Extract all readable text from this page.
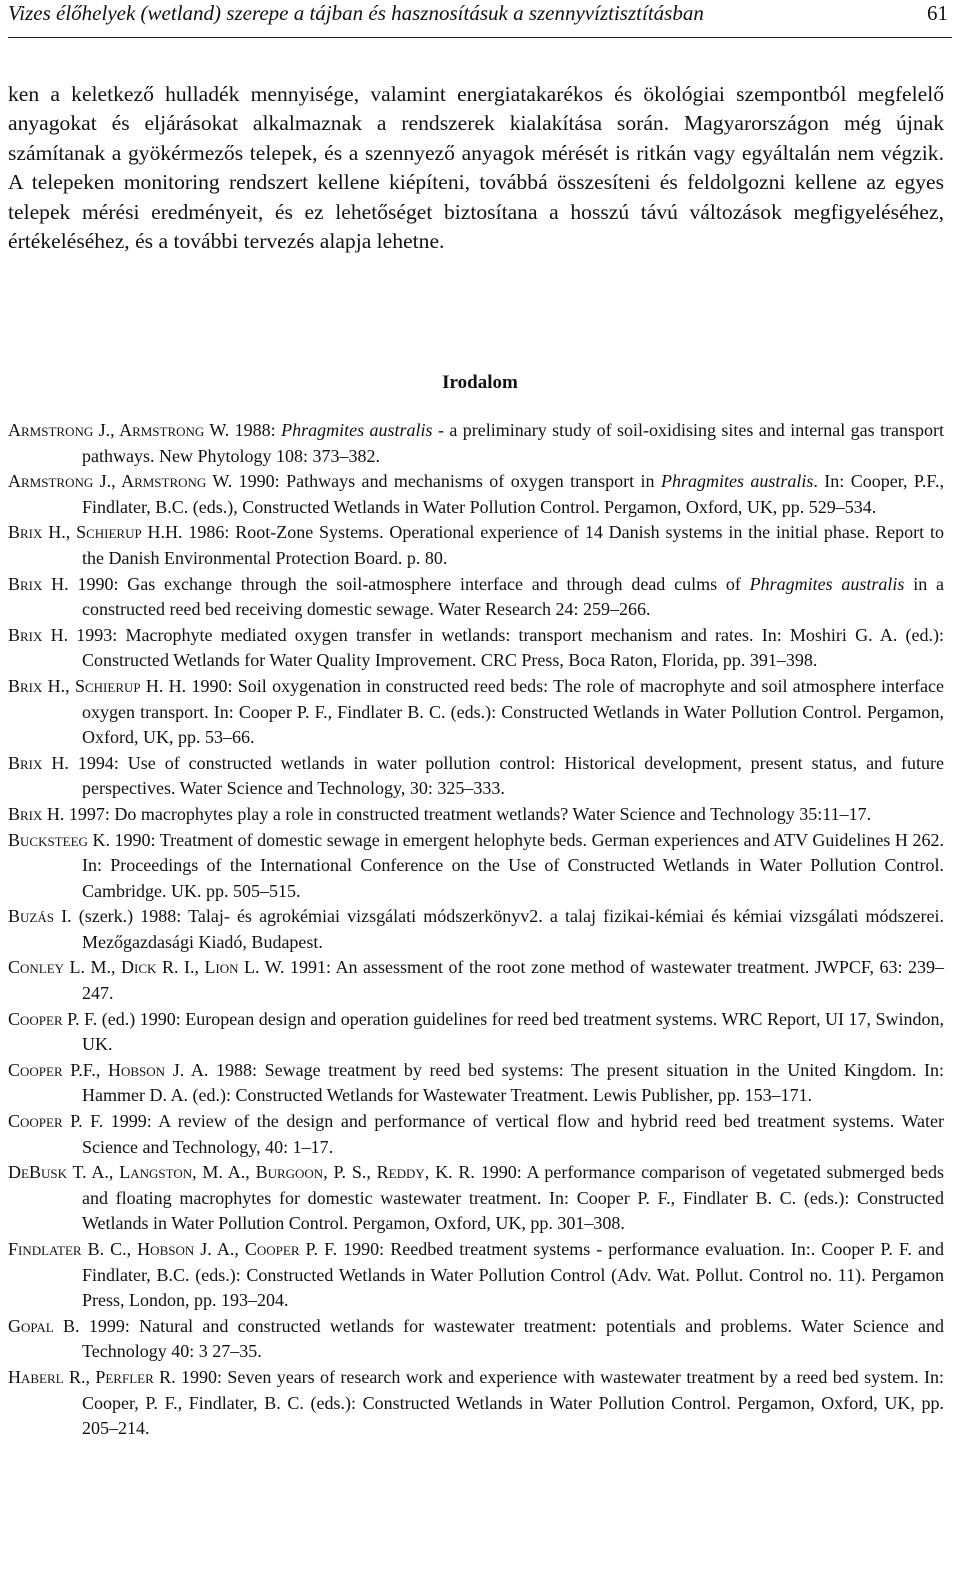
Vizes élőhelyek (wetland) szerepe a tájban és hasznosításuk a szennyvíztisztításban	61

ken a keletkező hulladék mennyisége, valamint energiatakarékos és ökológiai szempontból megfelelő anyagokat és eljárásokat alkalmaznak a rendszerek kialakítása során. Magyarországon még újnak számítanak a gyökérmezős telepek, és a szennyező anyagok mérését is ritkán vagy egyáltalán nem végzik. A telepeken monitoring rendszert kellene kiépíteni, továbbá összesíteni és feldolgozni kellene az egyes telepek mérési eredményeit, és ez lehetőséget biztosítana a hosszú távú változások megfigyeléséhez, értékeléséhez, és a további tervezés alapja lehetne.

Irodalom

Armstrong J., Armstrong W. 1988: Phragmites australis - a preliminary study of soil-oxidising sites and internal gas transport pathways. New Phytology 108: 373–382.

Armstrong J., Armstrong W. 1990: Pathways and mechanisms of oxygen transport in Phragmites australis. In: Cooper, P.F., Findlater, B.C. (eds.), Constructed Wetlands in Water Pollution Control. Pergamon, Oxford, UK, pp. 529–534.

Brix H., Schierup H.H. 1986: Root-Zone Systems. Operational experience of 14 Danish systems in the initial phase. Report to the Danish Environmental Protection Board. p. 80.

Brix H. 1990: Gas exchange through the soil-atmosphere interface and through dead culms of Phragmites australis in a constructed reed bed receiving domestic sewage. Water Research 24: 259–266.

Brix H. 1993: Macrophyte mediated oxygen transfer in wetlands: transport mechanism and rates. In: Moshiri G. A. (ed.): Constructed Wetlands for Water Quality Improvement. CRC Press, Boca Raton, Florida, pp. 391–398.

Brix H., Schierup H. H. 1990: Soil oxygenation in constructed reed beds: The role of macrophyte and soil atmosphere interface oxygen transport. In: Cooper P. F., Findlater B. C. (eds.): Constructed Wetlands in Water Pollution Control. Pergamon, Oxford, UK, pp. 53–66.

Brix H. 1994: Use of constructed wetlands in water pollution control: Historical development, present status, and future perspectives. Water Science and Technology, 30: 325–333.

Brix H. 1997: Do macrophytes play a role in constructed treatment wetlands? Water Science and Technology 35:11–17.

Bucksteeg K. 1990: Treatment of domestic sewage in emergent helophyte beds. German experiences and ATV Guidelines H 262. In: Proceedings of the International Conference on the Use of Constructed Wetlands in Water Pollution Control. Cambridge. UK. pp. 505–515.

Buzás I. (szerk.) 1988: Talaj- és agrokémiai vizsgálati módszerkönyv2. a talaj fizikai-kémiai és kémiai vizsgálati módszerei. Mezőgazdasági Kiadó, Budapest.

Conley L. M., Dick R. I., Lion L. W. 1991: An assessment of the root zone method of wastewater treatment. JWPCF, 63: 239–247.

Cooper P. F. (ed.) 1990: European design and operation guidelines for reed bed treatment systems. WRC Report, UI 17, Swindon, UK.

Cooper P.F., Hobson J. A. 1988: Sewage treatment by reed bed systems: The present situation in the United Kingdom. In: Hammer D. A. (ed.): Constructed Wetlands for Wastewater Treatment. Lewis Publisher, pp. 153–171.

Cooper P. F. 1999: A review of the design and performance of vertical flow and hybrid reed bed treatment systems. Water Science and Technology, 40: 1–17.

DeBusk T. A., Langston, M. A., Burgoon, P. S., Reddy, K. R. 1990: A performance comparison of vegetated submerged beds and floating macrophytes for domestic wastewater treatment. In: Cooper P. F., Findlater B. C. (eds.): Constructed Wetlands in Water Pollution Control. Pergamon, Oxford, UK, pp. 301–308.

Findlater B. C., Hobson J. A., Cooper P. F. 1990: Reedbed treatment systems - performance evaluation. In:. Cooper P. F. and Findlater, B.C. (eds.): Constructed Wetlands in Water Pollution Control (Adv. Wat. Pollut. Control no. 11). Pergamon Press, London, pp. 193–204.

Gopal B. 1999: Natural and constructed wetlands for wastewater treatment: potentials and problems. Water Science and Technology 40: 3 27–35.

Haberl R., Perfler R. 1990: Seven years of research work and experience with wastewater treatment by a reed bed system. In: Cooper, P. F., Findlater, B. C. (eds.): Constructed Wetlands in Water Pollution Control. Pergamon, Oxford, UK, pp. 205–214.
